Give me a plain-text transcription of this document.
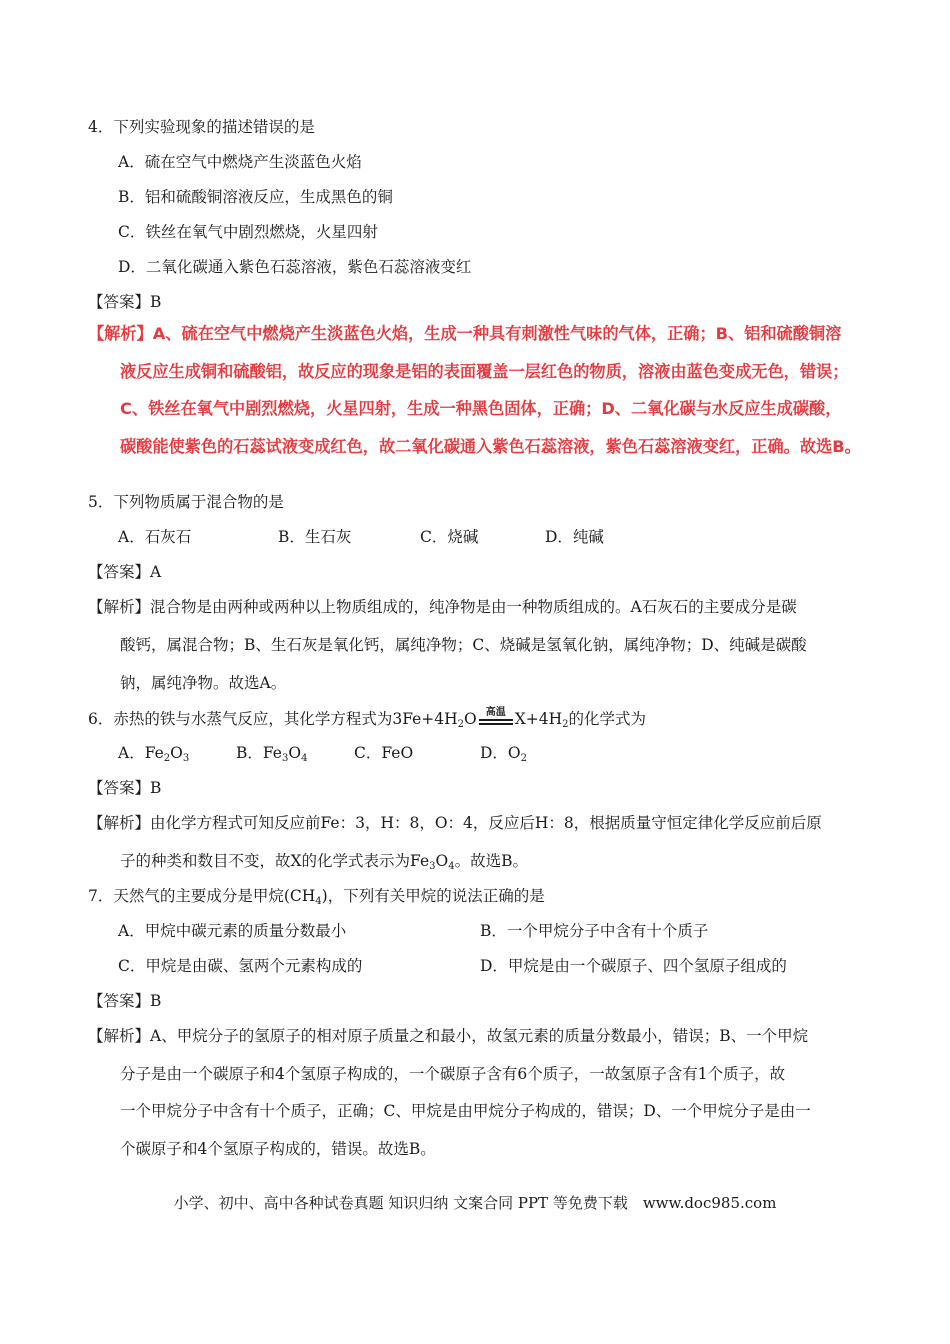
4．下列实验现象的描述错误的是
A．硫在空气中燃烧产生淡蓝色火焰
B．铝和硫酸铜溶液反应，生成黑色的铜
C．铁丝在氧气中剧烈燃烧，火星四射
D．二氧化碳通入紫色石蕊溶液，紫色石蕊溶液变红
【答案】B
【解析】A、硫在空气中燃烧产生淡蓝色火焰，生成一种具有刺激性气味的气体，正确；B、铝和硫酸铜溶
液反应生成铜和硫酸铝，故反应的现象是铝的表面覆盖一层红色的物质，溶液由蓝色变成无色，错误；
C、铁丝在氧气中剧烈燃烧，火星四射，生成一种黑色固体，正确；D、二氧化碳与水反应生成碳酸，
碳酸能使紫色的石蕊试液变成红色，故二氧化碳通入紫色石蕊溶液，紫色石蕊溶液变红，正确。故选B。
5．下列物质属于混合物的是
A．石灰石	B．生石灰	C．烧碱	D．纯碱
【答案】A
【解析】混合物是由两种或两种以上物质组成的，纯净物是由一种物质组成的。A石灰石的主要成分是碳
酸钙，属混合物；B、生石灰是氧化钙，属纯净物；C、烧碱是氢氧化钠，属纯净物；D、纯碱是碳酸
钠，属纯净物。故选A。
6．赤热的铁与水蒸气反应，其化学方程式为$3Fe+4H_2O$ 高温 $X+4H_2$的化学式为
A．$Fe_2O_3$	B．$Fe_3O_4$	C．FeO	D．$O_2$
【答案】B
【解析】由化学方程式可知反应前Fe：3，H：8，O：4，反应后H：8，根据质量守恒定律化学反应前后原
子的种类和数目不变，故X的化学式表示为$Fe_3O_4$。故选B。
7．天然气的主要成分是甲烷$(CH_4)$，下列有关甲烷的说法正确的是
A．甲烷中碳元素的质量分数最小	B．一个甲烷分子中含有十个质子
C．甲烷是由碳、氢两个元素构成的	D．甲烷是由一个碳原子、四个氢原子组成的
【答案】B
【解析】A、甲烷分子的氢原子的相对原子质量之和最小，故氢元素的质量分数最小，错误；B、一个甲烷
分子是由一个碳原子和4个氢原子构成的，一个碳原子含有6个质子，一故氢原子含有1个质子，故
一个甲烷分子中含有十个质子，正确；C、甲烷是由甲烷分子构成的，错误；D、一个甲烷分子是由一
个碳原子和4个氢原子构成的，错误。故选B。
小学、初中、高中各种试卷真题 知识归纳 文案合同 PPT 等免费下载　www.doc985.com
